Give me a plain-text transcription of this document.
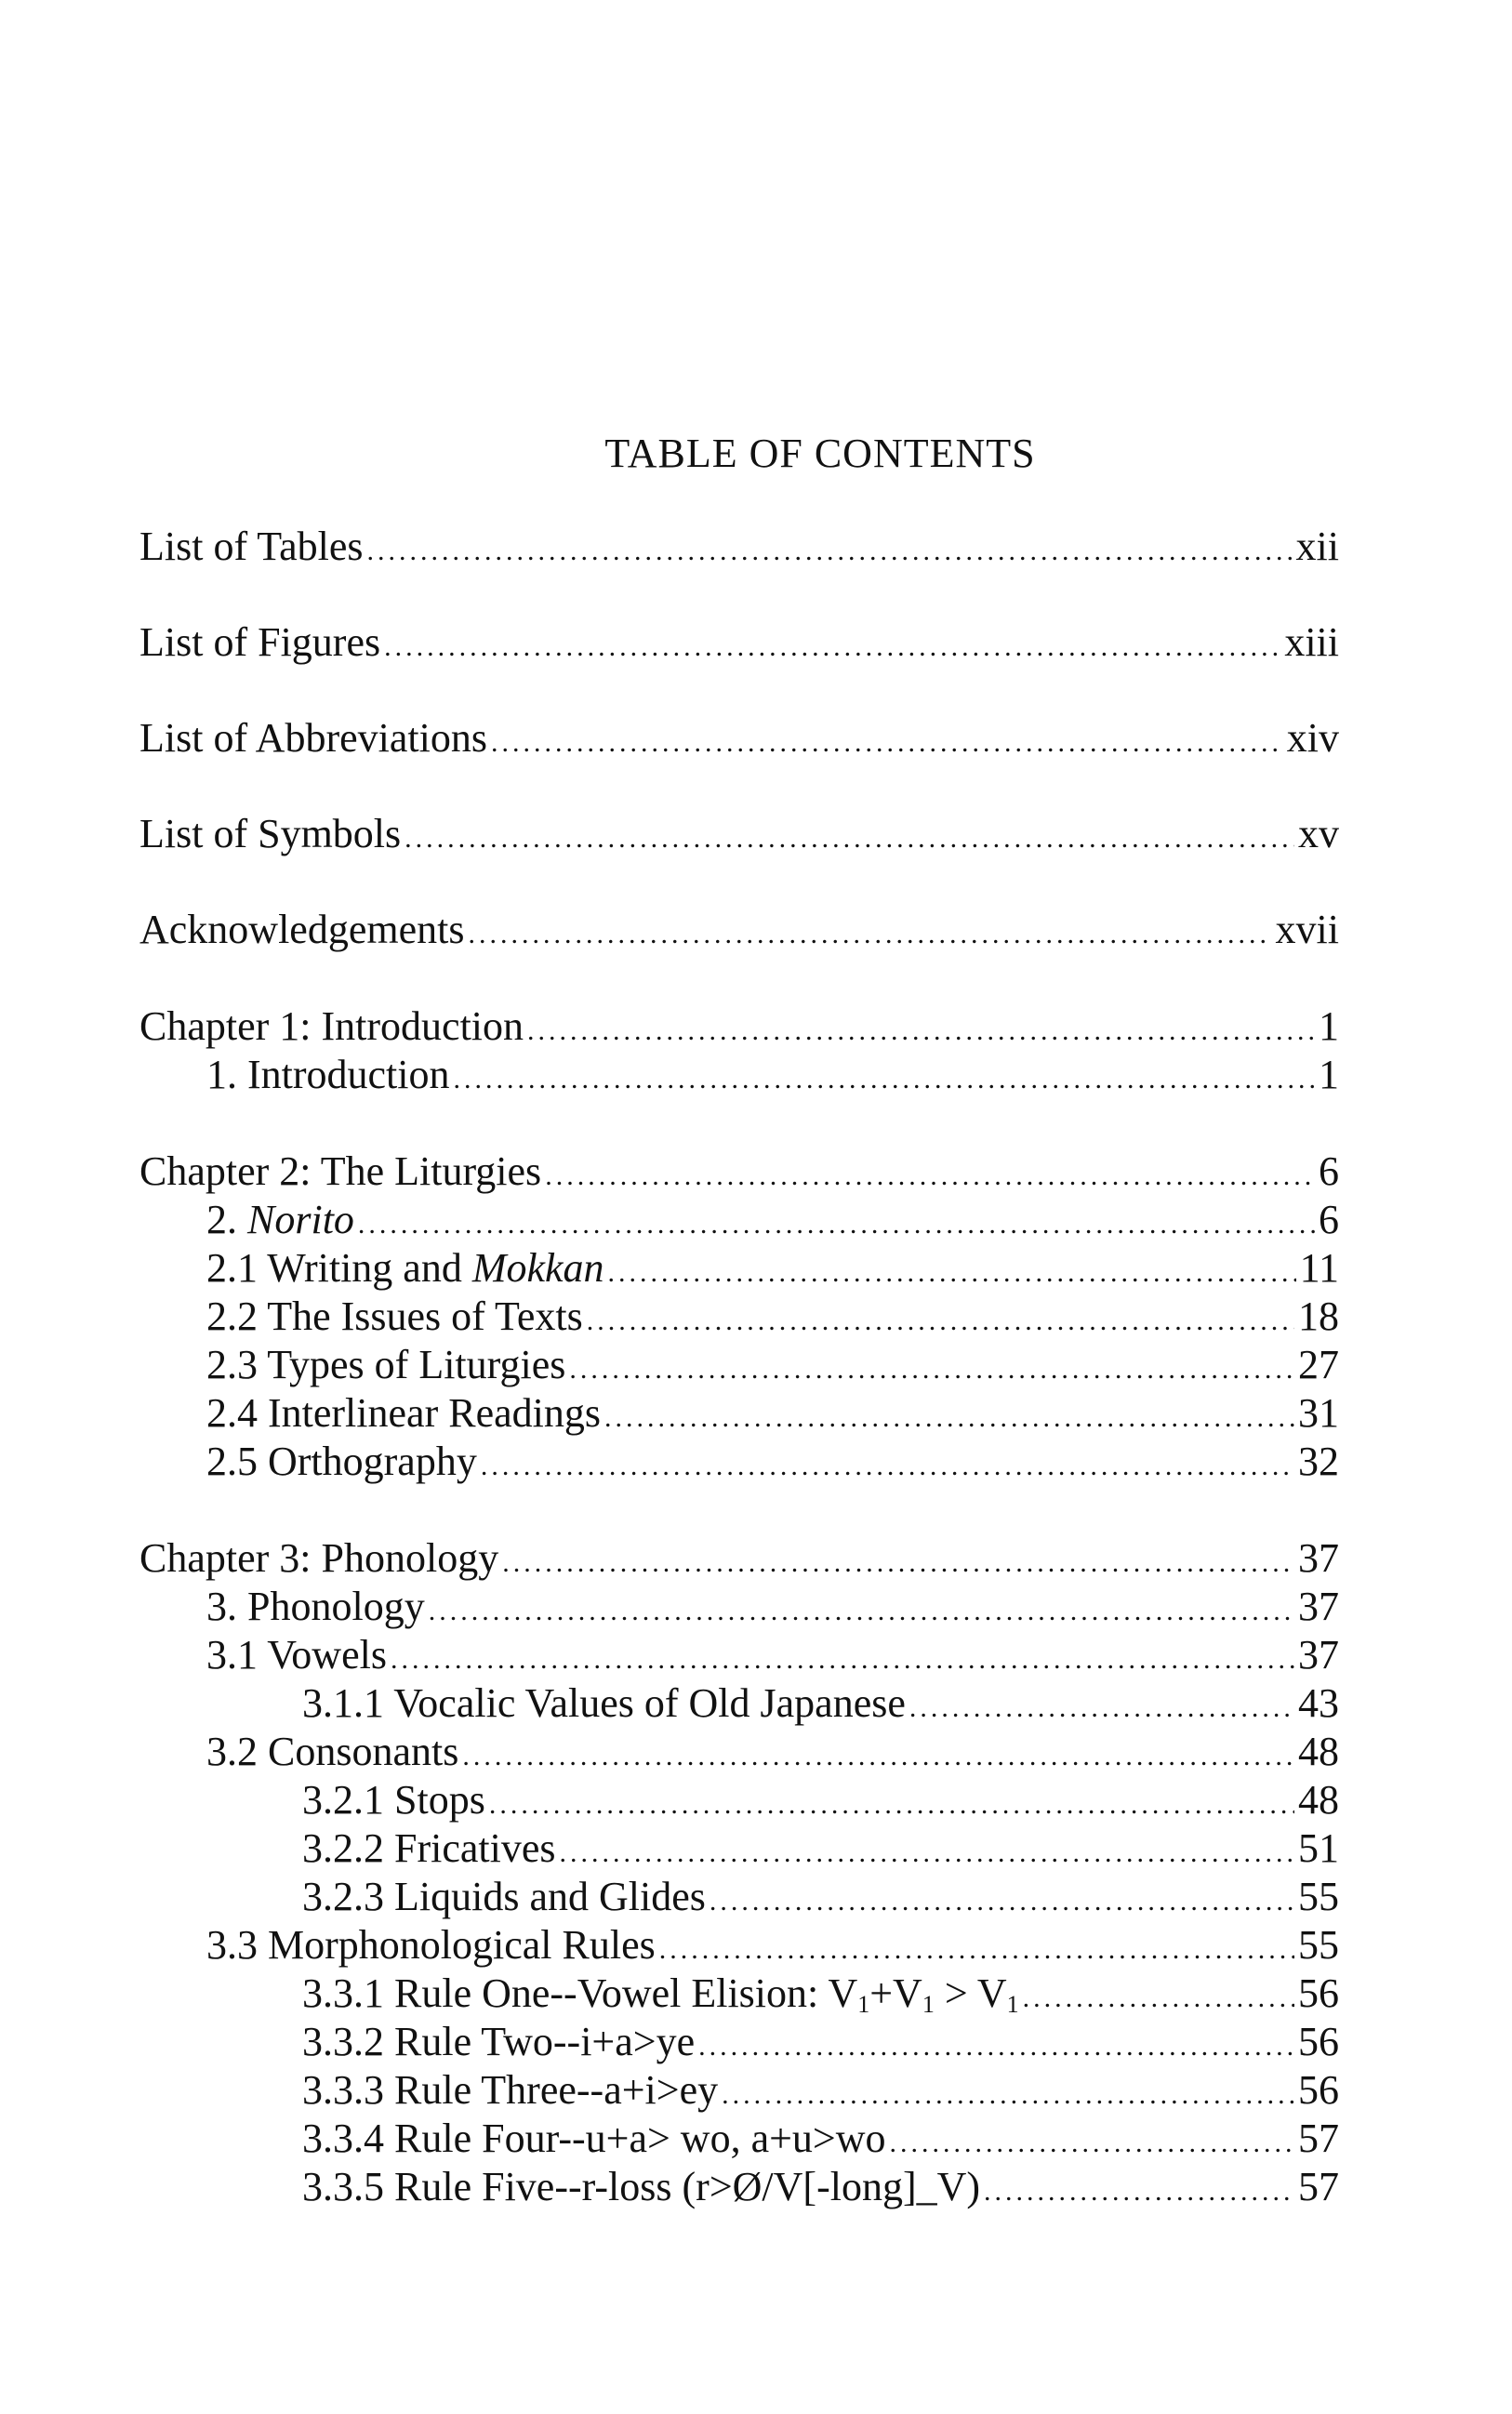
TABLE OF CONTENTS
List of Tables .....	xii
List of Figures .....	xiii
List of Abbreviations .....	xiv
List of Symbols .....	xv
Acknowledgements .....	xvii
Chapter 1: Introduction .....	1
1. Introduction .....	1
Chapter 2: The Liturgies .....	6
2. Norito .....	6
2.1 Writing and Mokkan .....	11
2.2 The Issues of Texts .....	18
2.3 Types of Liturgies .....	27
2.4 Interlinear Readings .....	31
2.5 Orthography .....	32
Chapter 3: Phonology .....	37
3. Phonology .....	37
3.1 Vowels .....	37
3.1.1 Vocalic Values of Old Japanese .....	43
3.2 Consonants .....	48
3.2.1 Stops .....	48
3.2.2 Fricatives .....	51
3.2.3 Liquids and Glides .....	55
3.3 Morphonological Rules .....	55
3.3.1 Rule One--Vowel Elision: $V_1+V_1 > V_1$ .....	56
3.3.2 Rule Two--i+a>ye .....	56
3.3.3 Rule Three--a+i>ey .....	56
3.3.4 Rule Four--u+a> wo, a+u>wo .....	57
3.3.5 Rule Five--r-loss (r>Ø/V[-long]_V) .....	57
